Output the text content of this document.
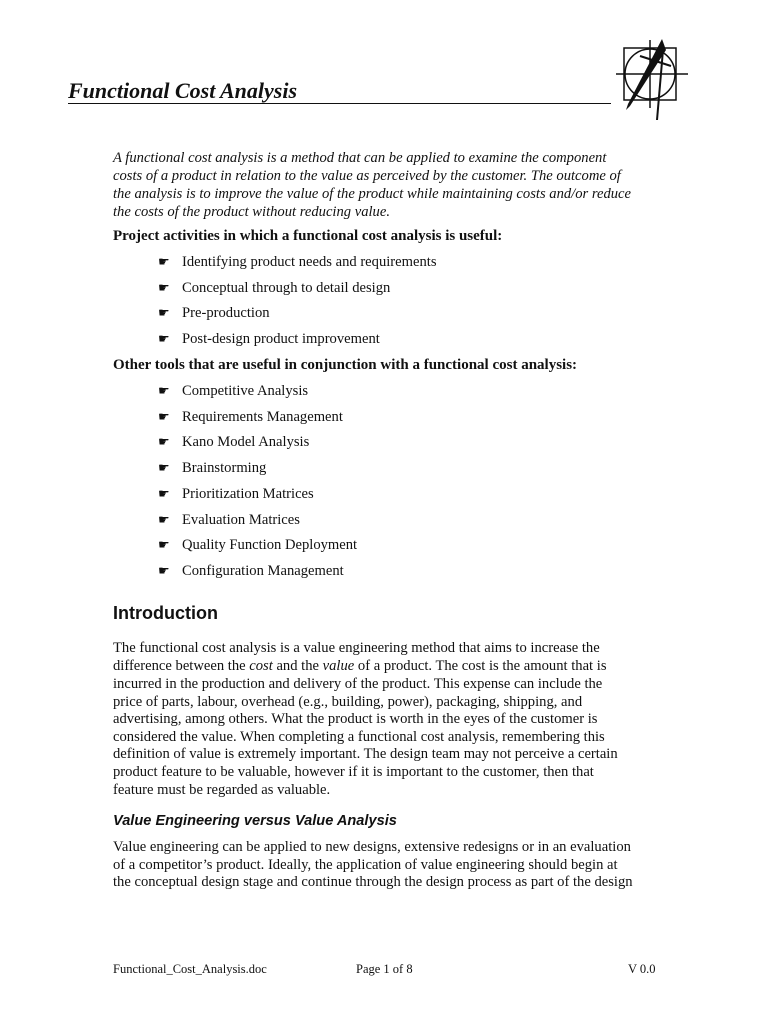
Functional Cost Analysis
A functional cost analysis is a method that can be applied to examine the component
costs of a product in relation to the value as perceived by the customer. The outcome of
the analysis is to improve the value of the product while maintaining costs and/or reduce
the costs of the product without reducing value.
Project activities in which a functional cost analysis is useful:
☛ Identifying product needs and requirements
☛ Conceptual through to detail design
☛ Pre-production
☛ Post-design product improvement
Other tools that are useful in conjunction with a functional cost analysis:
☛ Competitive Analysis
☛ Requirements Management
☛ Kano Model Analysis
☛ Brainstorming
☛ Prioritization Matrices
☛ Evaluation Matrices
☛ Quality Function Deployment
☛ Configuration Management
Introduction
The functional cost analysis is a value engineering method that aims to increase the
difference between the cost and the value of a product. The cost is the amount that is
incurred in the production and delivery of the product. This expense can include the
price of parts, labour, overhead (e.g., building, power), packaging, shipping, and
advertising, among others. What the product is worth in the eyes of the customer is
considered the value. When completing a functional cost analysis, remembering this
definition of value is extremely important. The design team may not perceive a certain
product feature to be valuable, however if it is important to the customer, then that
feature must be regarded as valuable.
Value Engineering versus Value Analysis
Value engineering can be applied to new designs, extensive redesigns or in an evaluation
of a competitor’s product. Ideally, the application of value engineering should begin at
the conceptual design stage and continue through the design process as part of the design
Functional_Cost_Analysis.doc	Page 1 of 8	V 0.0
